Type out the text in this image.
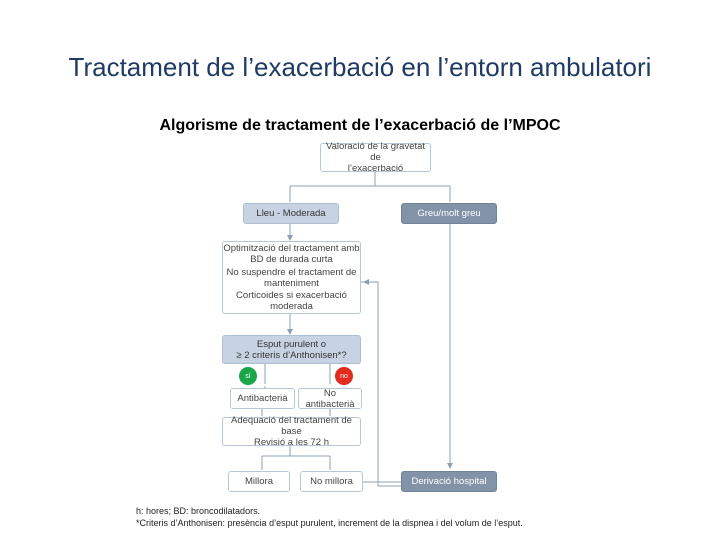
Tractament de l’exacerbació en l’entorn ambulatori
Algorisme de tractament de l’exacerbació de l’MPOC
Valoració de la gravetat de
l’exacerbació
Lleu - Moderada	Greu/molt greu
Optimització del tractament amb
BD de durada curta
No suspendre el tractament de
manteniment
Corticoides si exacerbació
moderada
Esput purulent o
≥ 2 criteris d’Anthonisen*?
sí	no
Antibacterià	No
antibacterià
Adequació del tractament de base
Revisió a les 72 h
Millora	No millora	Derivació hospital
h: hores; BD: broncodilatadors.
*Criteris d’Anthonisen: presència d’esput purulent, increment de la dispnea i del volum de l’esput.
